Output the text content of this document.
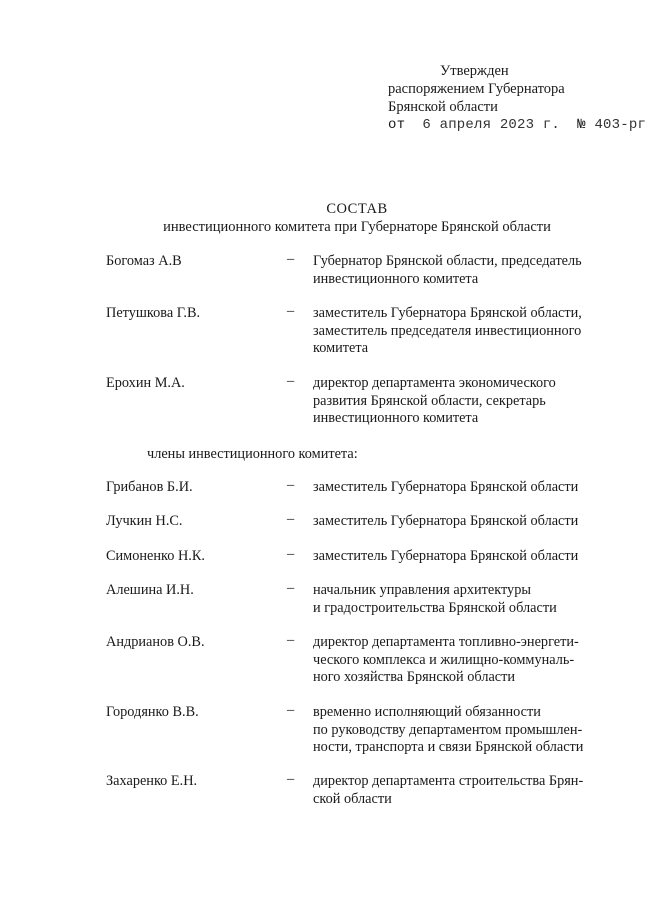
Утвержден
распоряжением Губернатора
Брянской области
от 6 апреля 2023 г. № 403-рг
СОСТАВ
инвестиционного комитета при Губернаторе Брянской области
Богомаз А.В	– Губернатор Брянской области, председатель
инвестиционного комитета
Петушкова Г.В.	– заместитель Губернатора Брянской области,
заместитель председателя инвестиционного
комитета
Ерохин М.А.	– директор департамента экономического
развития Брянской области, секретарь
инвестиционного комитета
члены инвестиционного комитета:
Грибанов Б.И.	– заместитель Губернатора Брянской области
Лучкин Н.С.	– заместитель Губернатора Брянской области
Симоненко Н.К.	– заместитель Губернатора Брянской области
Алешина И.Н.	– начальник управления архитектуры
и градостроительства Брянской области
Андрианов О.В.	– директор департамента топливно-энергети-
ческого комплекса и жилищно-коммуналь-
ного хозяйства Брянской области
Городянко В.В.	– временно исполняющий обязанности
по руководству департаментом промышлен-
ности, транспорта и связи Брянской области
Захаренко Е.Н.	– директор департамента строительства Брян-
ской области
